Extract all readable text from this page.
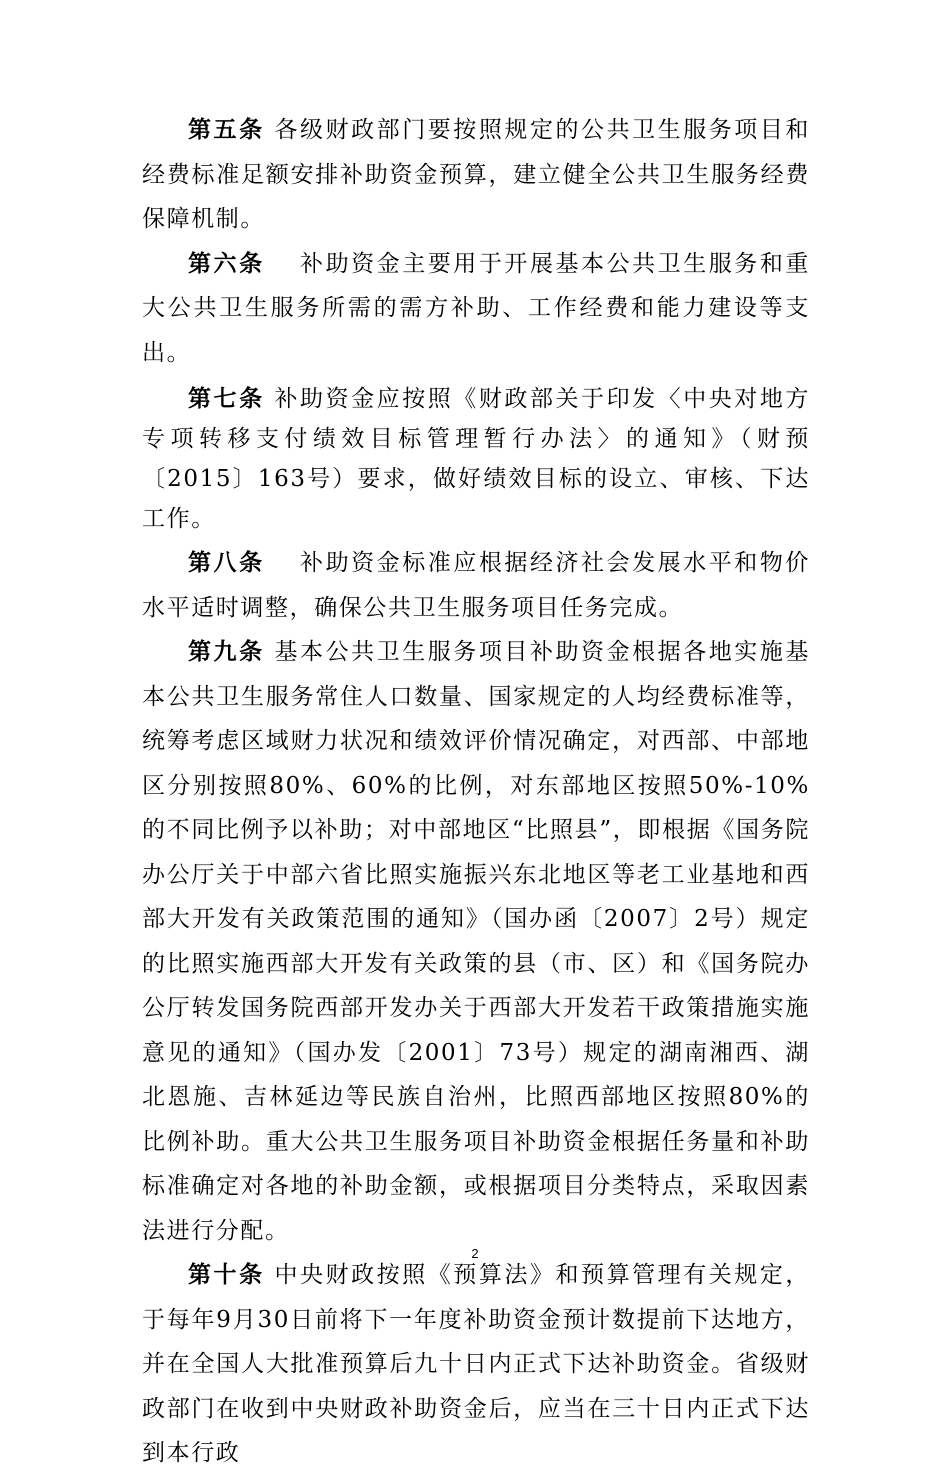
第五条 各级财政部门要按照规定的公共卫生服务项目和经费标准足额安排补助资金预算，建立健全公共卫生服务经费保障机制。

第六条 　补助资金主要用于开展基本公共卫生服务和重大公共卫生服务所需的需方补助、工作经费和能力建设等支出。

第七条 补助资金应按照《财政部关于印发〈中央对地方专项转移支付绩效目标管理暂行办法〉的通知》（财预〔2015〕163号）要求，做好绩效目标的设立、审核、下达工作。

第八条 　补助资金标准应根据经济社会发展水平和物价水平适时调整，确保公共卫生服务项目任务完成。

第九条 基本公共卫生服务项目补助资金根据各地实施基本公共卫生服务常住人口数量、国家规定的人均经费标准等，统筹考虑区域财力状况和绩效评价情况确定，对西部、中部地区分别按照80%、60%的比例，对东部地区按照50%-10%的不同比例予以补助；对中部地区“比照县”，即根据《国务院办公厅关于中部六省比照实施振兴东北地区等老工业基地和西部大开发有关政策范围的通知》（国办函〔2007〕2号）规定的比照实施西部大开发有关政策的县（市、区）和《国务院办公厅转发国务院西部开发办关于西部大开发若干政策措施实施意见的通知》（国办发〔2001〕73号）规定的湖南湘西、湖北恩施、吉林延边等民族自治州，比照西部地区按照80%的比例补助。重大公共卫生服务项目补助资金根据任务量和补助标准确定对各地的补助金额，或根据项目分类特点，采取因素法进行分配。

第十条 中央财政按照《预算法》和预算管理有关规定，于每年9月30日前将下一年度补助资金预计数提前下达地方，并在全国人大批准预算后九十日内正式下达补助资金。省级财政部门在收到中央财政补助资金后，应当在三十日内正式下达到本行政

2
